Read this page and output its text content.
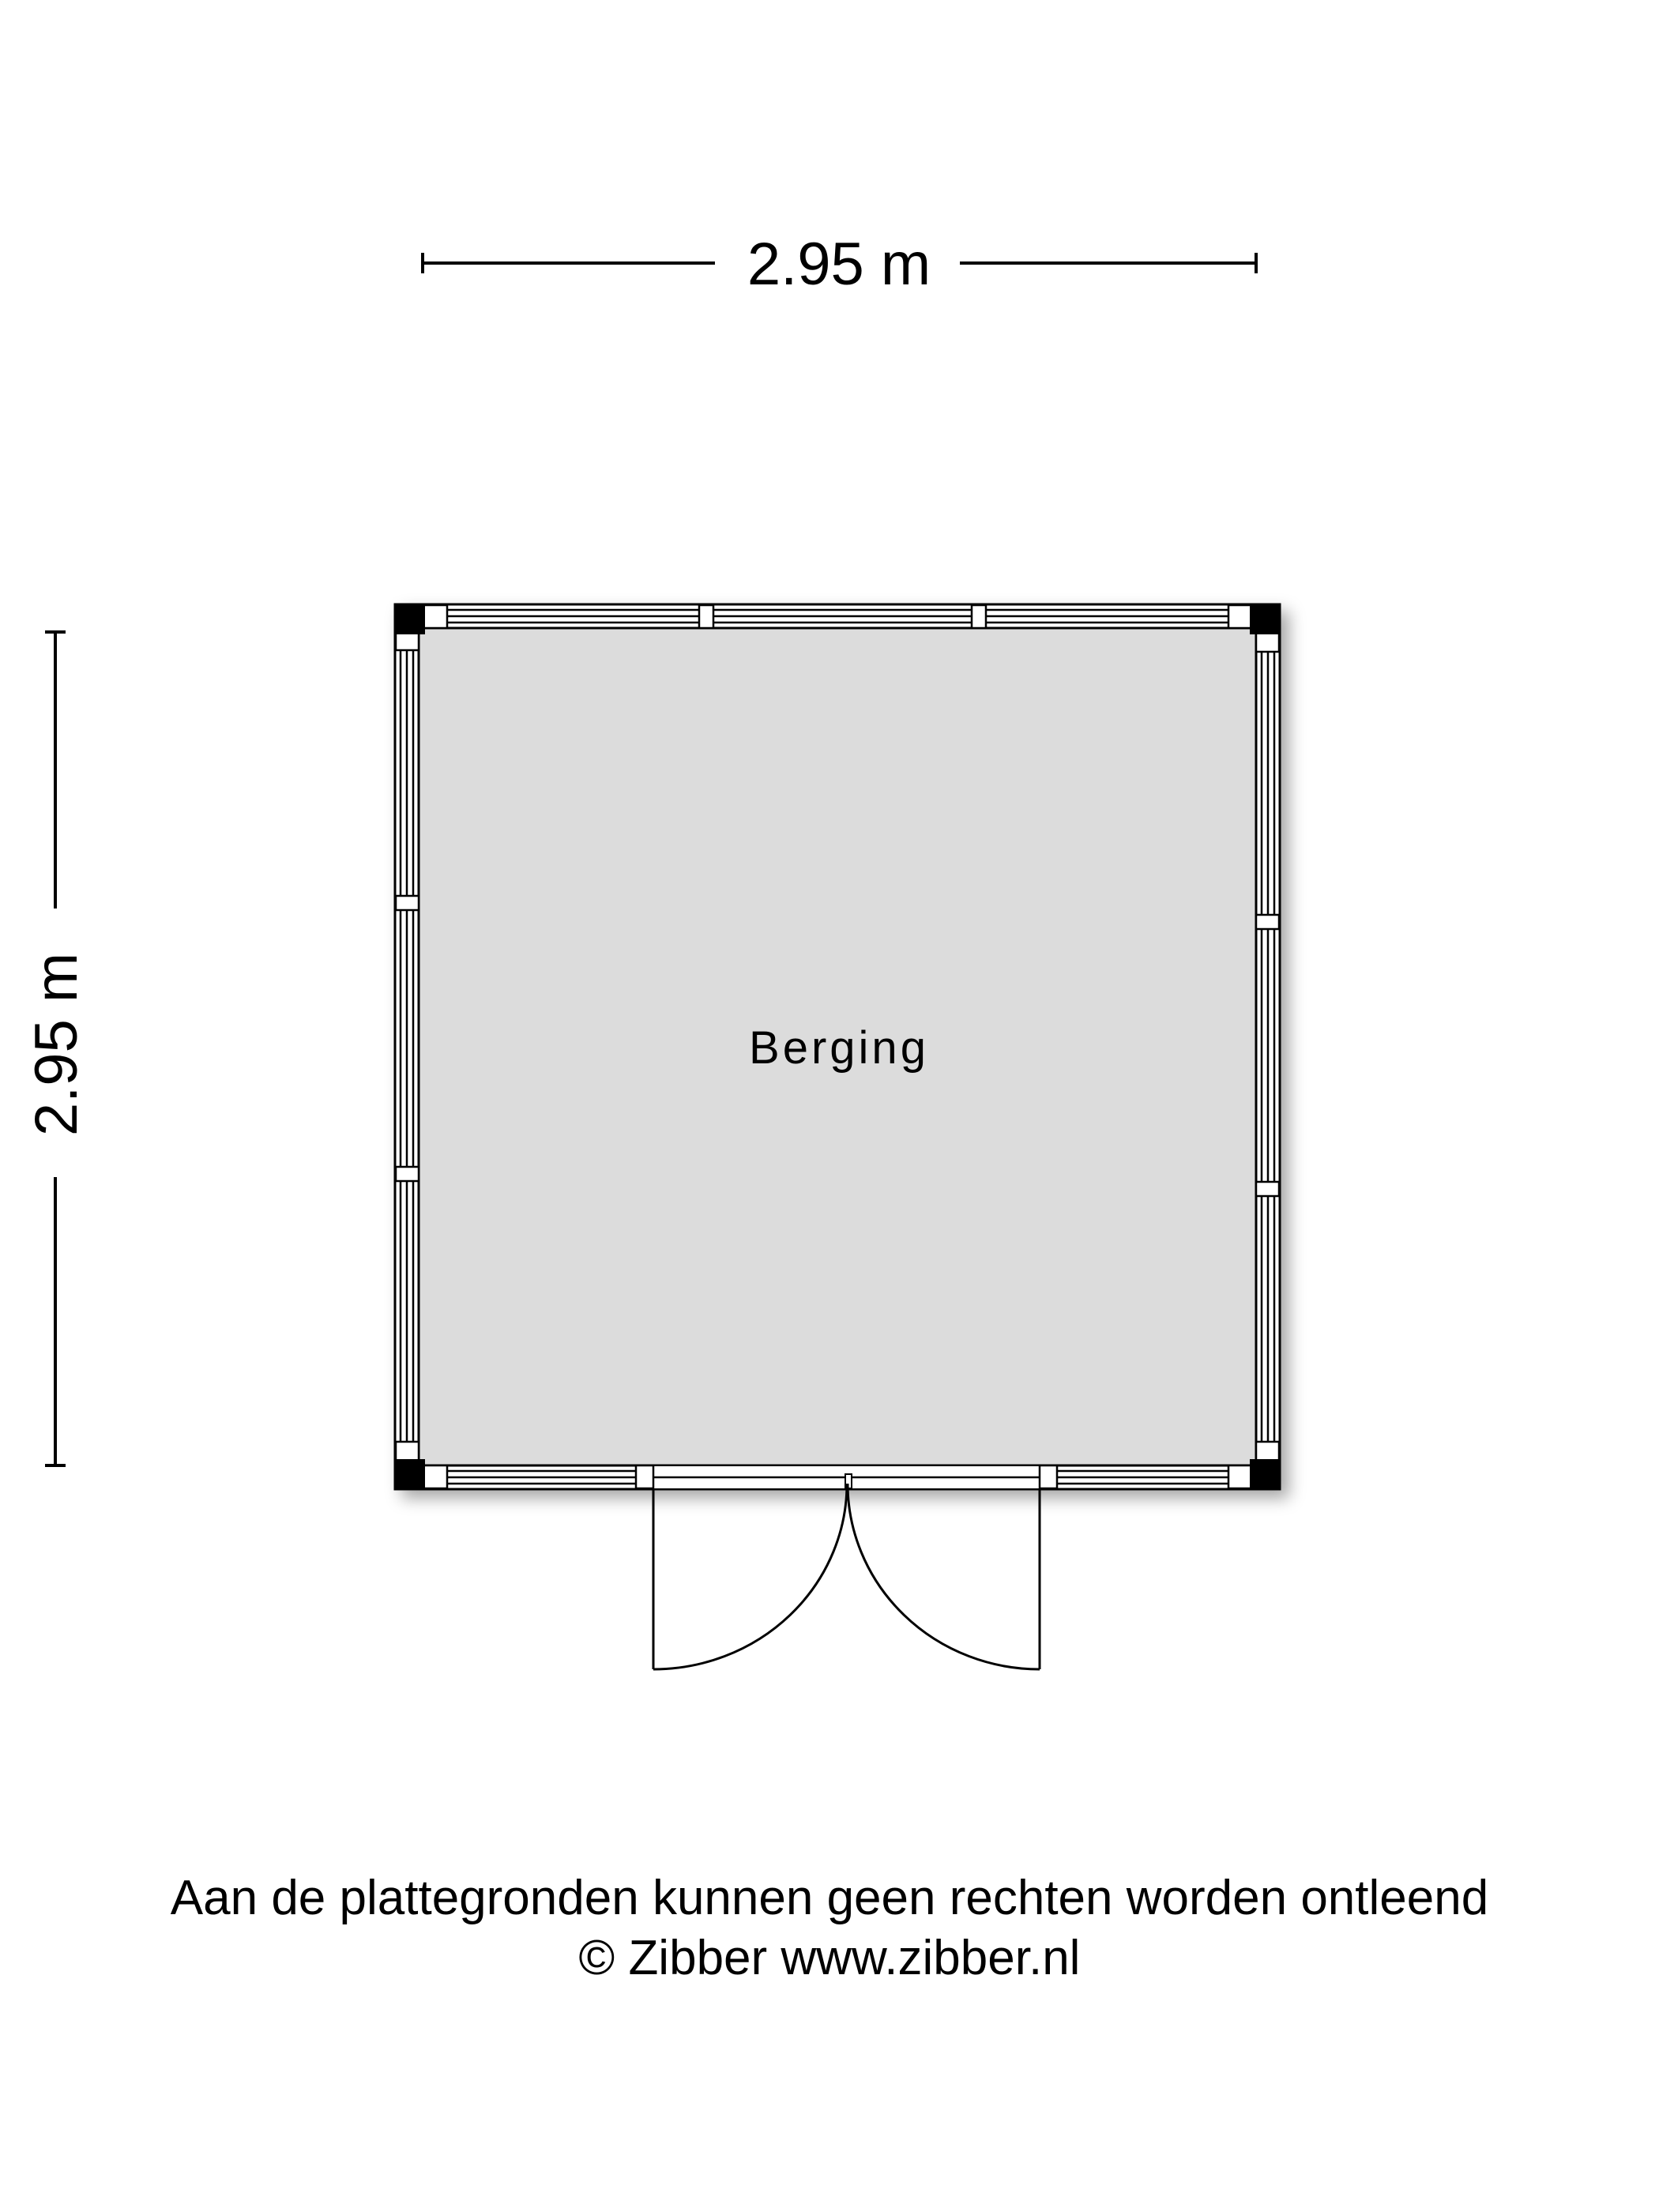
2.95 m
2.95 m	Berging
Aan de plattegronden kunnen geen rechten worden ontleend
© Zibber www.zibber.nl
